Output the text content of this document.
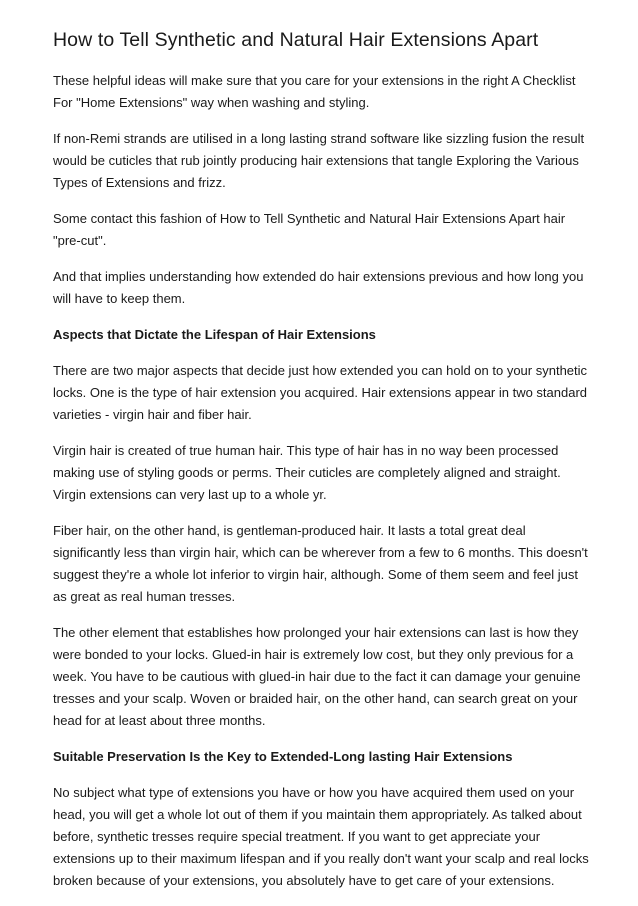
How to Tell Synthetic and Natural Hair Extensions Apart

These helpful ideas will make sure that you care for your extensions in the right A Checklist For "Home Extensions" way when washing and styling.

If non-Remi strands are utilised in a long lasting strand software like sizzling fusion the result would be cuticles that rub jointly producing hair extensions that tangle Exploring the Various Types of Extensions and frizz.

Some contact this fashion of How to Tell Synthetic and Natural Hair Extensions Apart hair "pre-cut".

And that implies understanding how extended do hair extensions previous and how long you will have to keep them.

Aspects that Dictate the Lifespan of Hair Extensions

There are two major aspects that decide just how extended you can hold on to your synthetic locks. One is the type of hair extension you acquired. Hair extensions appear in two standard varieties - virgin hair and fiber hair.

Virgin hair is created of true human hair. This type of hair has in no way been processed making use of styling goods or perms. Their cuticles are completely aligned and straight. Virgin extensions can very last up to a whole yr.

Fiber hair, on the other hand, is gentleman-produced hair. It lasts a total great deal significantly less than virgin hair, which can be wherever from a few to 6 months. This doesn't suggest they're a whole lot inferior to virgin hair, although. Some of them seem and feel just as great as real human tresses.

The other element that establishes how prolonged your hair extensions can last is how they were bonded to your locks. Glued-in hair is extremely low cost, but they only previous for a week. You have to be cautious with glued-in hair due to the fact it can damage your genuine tresses and your scalp. Woven or braided hair, on the other hand, can search great on your head for at least about three months.

Suitable Preservation Is the Key to Extended-Long lasting Hair Extensions

No subject what type of extensions you have or how you have acquired them used on your head, you will get a whole lot out of them if you maintain them appropriately. As talked about before, synthetic tresses require special treatment. If you want to get appreciate your extensions up to their maximum lifespan and if you really don't want your scalp and real locks broken because of your extensions, you absolutely have to get care of your extensions.
